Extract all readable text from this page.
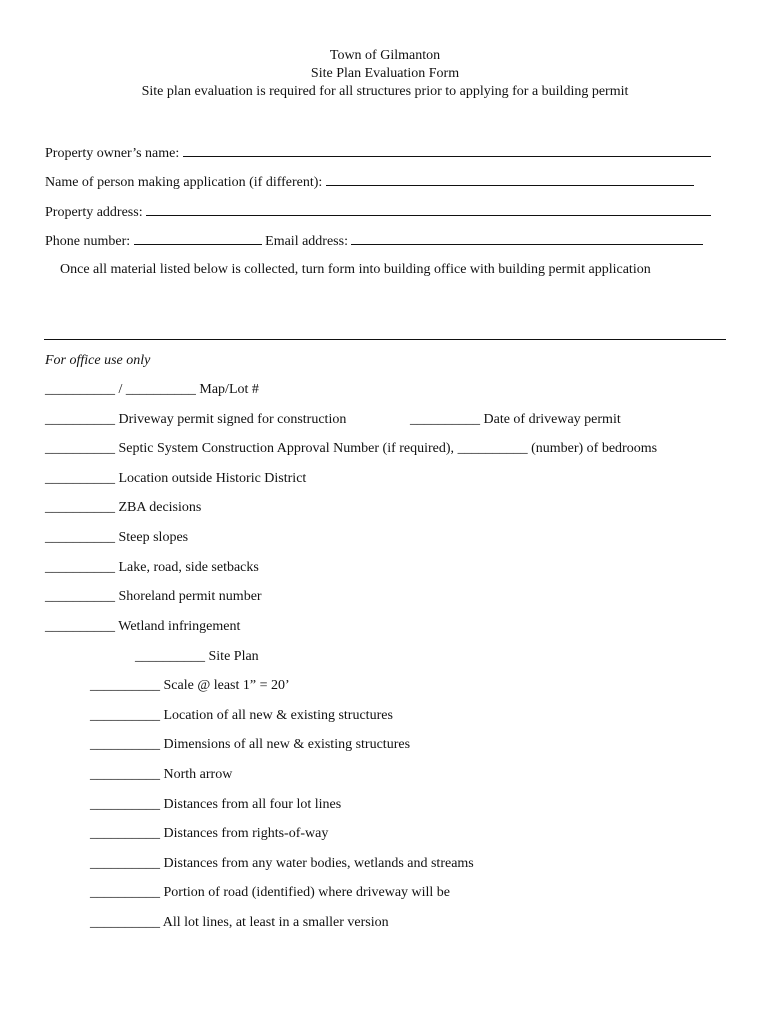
Town of Gilmanton
Site Plan Evaluation Form
Site plan evaluation is required for all structures prior to applying for a building permit
Property owner’s name:
Name of person making application (if different):
Property address:
Phone number:	Email address:
Once all material listed below is collected, turn form into building office with building permit application
For office use only
__________ / __________ Map/Lot #
__________ Driveway permit signed for construction	__________ Date of driveway permit
__________ Septic System Construction Approval Number (if required), __________ (number) of bedrooms
__________ Location outside Historic District
__________ ZBA decisions
__________ Steep slopes
__________ Lake, road, side setbacks
__________ Shoreland permit number
__________ Wetland infringement
__________ Site Plan
__________ Scale @ least 1” = 20’
__________ Location of all new & existing structures
__________ Dimensions of all new & existing structures
__________ North arrow
__________ Distances from all four lot lines
__________ Distances from rights-of-way
__________ Distances from any water bodies, wetlands and streams
__________ Portion of road (identified) where driveway will be
__________ All lot lines, at least in a smaller version
